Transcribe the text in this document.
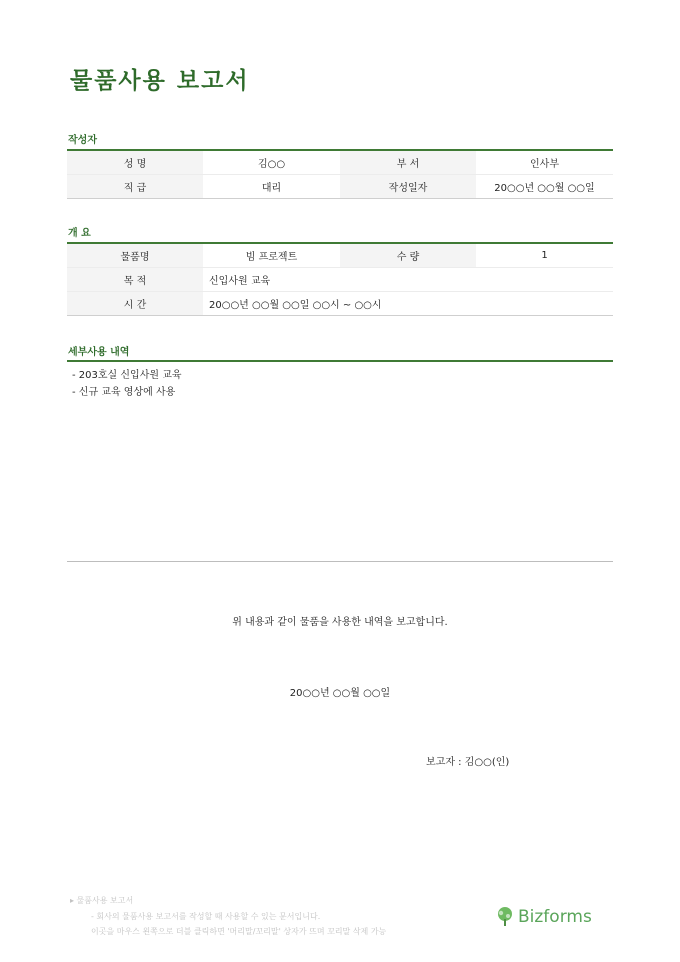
물품사용 보고서
작성자
성 명	김○○	부 서	인사부
직 급	대리	작성일자	20○○년 ○○월 ○○일
개 요
물품명	빔 프로젝트	수 량	1
목 적	신입사원 교육		
시 간	20○○년 ○○월 ○○일 ○○시 ~ ○○시		
세부사용 내역
- 203호실 신입사원 교육
- 신규 교육 영상에 사용
위 내용과 같이 물품을 사용한 내역을 보고합니다.
20○○년 ○○월 ○○일
보고자 : 김○○(인)
▸ 물품사용 보고서
- 회사의 물품사용 보고서를 작성할 때 사용할 수 있는 문서입니다.
이곳을 마우스 왼쪽으로 더블 클릭하면 '머리말/꼬리말' 상자가 뜨며 꼬리말 삭제 가능
Bizforms
